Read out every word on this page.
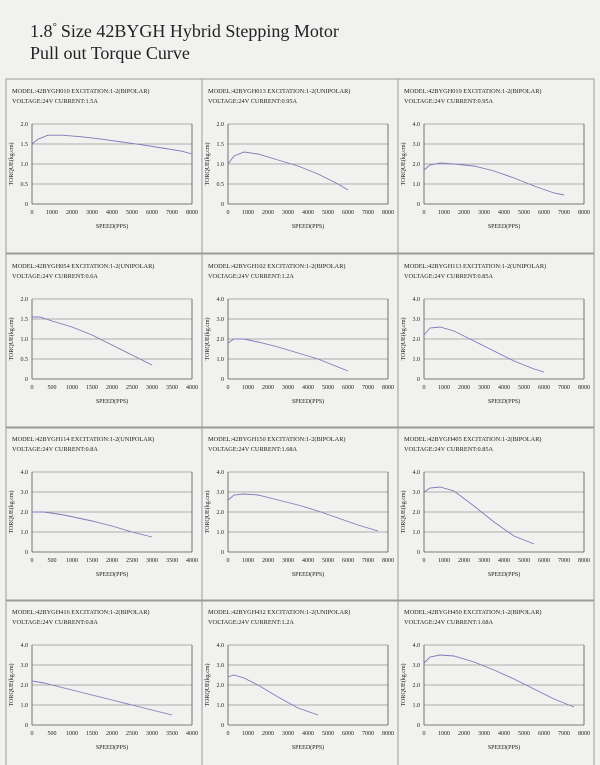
1.8° Size 42BYGH Hybrid Stepping Motor
Pull out Torque Curve
MODEL:42BYGH010 EXCITATION:1-2(BIPOLAR)
VOLTAGE:24V CURRENT:1.5A
0
0.5
1.0
1.5
2.0
0 1000 2000 3000 4000 5000 6000 7000 8000
SPEED(PPS)
TORQUE(kg.cm)
MODEL:42BYGH013 EXCITATION:1-2(UNIPOLAR)
VOLTAGE:24V CURRENT:0.95A
0
0.5
1.0
1.5
2.0
0 1000 2000 3000 4000 5000 6000 7000 8000
SPEED(PPS)
TORQUE(kg.cm)
MODEL:42BYGH019 EXCITATION:1-2(BIPOLAR)
VOLTAGE:24V CURRENT:0.95A
0
1.0
2.0
3.0
4.0
0 1000 2000 3000 4000 5000 6000 7000 8000
SPEED(PPS)
TORQUE(kg.cm)
MODEL:42BYGH054 EXCITATION:1-2(UNIPOLAR)
VOLTAGE:24V CURRENT:0.6A
0
0.5
1.0
1.5
2.0
0 500 1000 1500 2000 2500 3000 3500 4000
SPEED(PPS)
TORQUE(kg.cm)
MODEL:42BYGH102 EXCITATION:1-2(BIPOLAR)
VOLTAGE:24V CURRENT:1.2A
0
1.0
2.0
3.0
4.0
0 1000 2000 3000 4000 5000 6000 7000 8000
SPEED(PPS)
TORQUE(kg.cm)
MODEL:42BYGH113 EXCITATION:1-2(UNIPOLAR)
VOLTAGE:24V CURRENT:0.85A
0
1.0
2.0
3.0
4.0
0 1000 2000 3000 4000 5000 6000 7000 8000
SPEED(PPS)
TORQUE(kg.cm)
MODEL:42BYGH114 EXCITATION:1-2(UNIPOLAR)
VOLTAGE:24V CURRENT:0.8A
0
1.0
2.0
3.0
4.0
0 500 1000 1500 2000 2500 3000 3500 4000
SPEED(PPS)
TORQUE(kg.cm)
MODEL:42BYGH150 EXCITATION:1-2(BIPOLAR)
VOLTAGE:24V CURRENT:1.68A
0
1.0
2.0
3.0
4.0
0 1000 2000 3000 4000 5000 6000 7000 8000
SPEED(PPS)
TORQUE(kg.cm)
MODEL:42BYGH405 EXCITATION:1-2(BIPOLAR)
VOLTAGE:24V CURRENT:0.85A
0
1.0
2.0
3.0
4.0
0 1000 2000 3000 4000 5000 6000 7000 8000
SPEED(PPS)
TORQUE(kg.cm)
MODEL:42BYGH416 EXCITATION:1-2(BIPOLAR)
VOLTAGE:24V CURRENT:0.8A
0
1.0
2.0
3.0
4.0
0 500 1000 1500 2000 2500 3000 3500 4000
SPEED(PPS)
TORQUE(kg.cm)
MODEL:42BYGH432 EXCITATION:1-2(UNIPOLAR)
VOLTAGE:24V CURRENT:1.2A
0
1.0
2.0
3.0
4.0
0 1000 2000 3000 4000 5000 6000 7000 8000
SPEED(PPS)
TORQUE(kg.cm)
MODEL:42BYGH450 EXCITATION:1-2(BIPOLAR)
VOLTAGE:24V CURRENT:1.68A
0
1.0
2.0
3.0
4.0
0 1000 2000 3000 4000 5000 6000 7000 8000
SPEED(PPS)
TORQUE(kg.cm)
